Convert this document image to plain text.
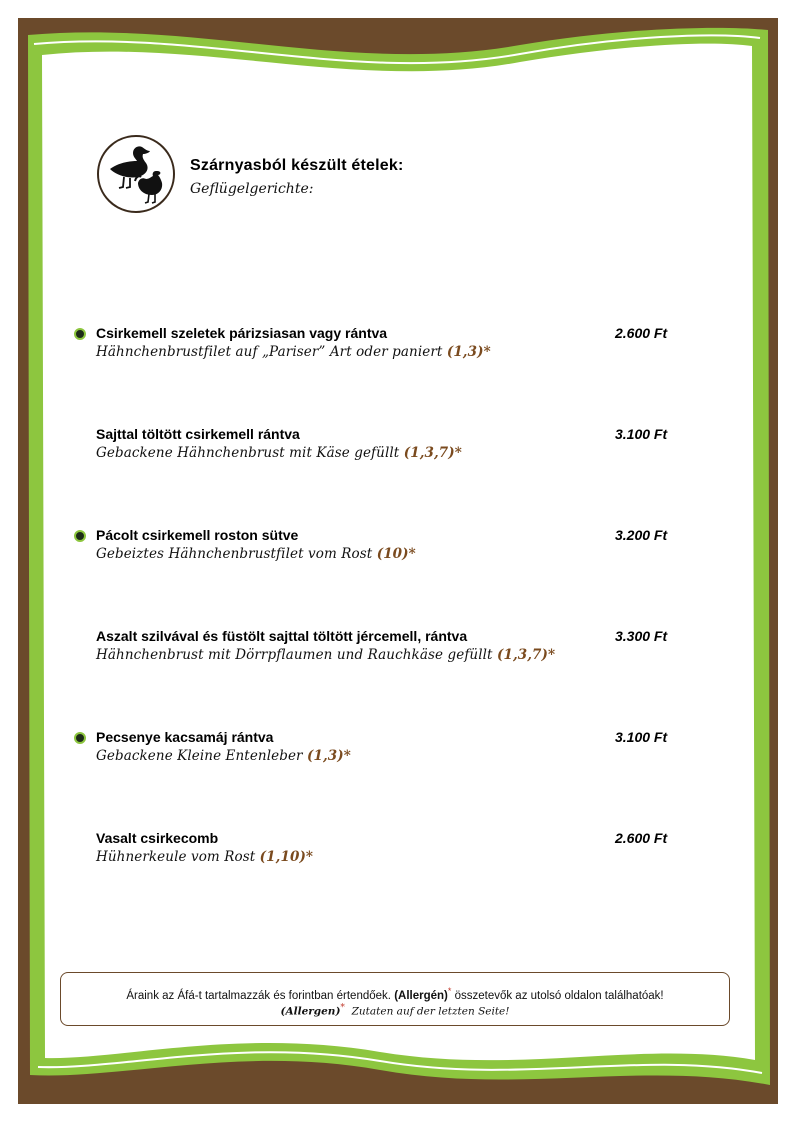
Szárnyasból készült ételek:
Geflügelgerichte:
Csirkemell szeletek párizsiasan vagy rántva	2.600 Ft
Hähnchenbrustfilet auf „Pariser” Art oder paniert (1,3)*
Sajttal töltött csirkemell rántva	3.100 Ft
Gebackene Hähnchenbrust mit Käse gefüllt (1,3,7)*
Pácolt csirkemell roston sütve	3.200 Ft
Gebeiztes Hähnchenbrustfilet vom Rost (10)*
Aszalt szilvával és füstölt sajttal töltött jércemell, rántva	3.300 Ft
Hähnchenbrust mit Dörrpflaumen und Rauchkäse gefüllt (1,3,7)*
Pecsenye kacsamáj rántva	3.100 Ft
Gebackene Kleine Entenleber (1,3)*
Vasalt csirkecomb	2.600 Ft
Hühnerkeule vom Rost (1,10)*
Áraink az Áfá-t tartalmazzák és forintban értendőek. (Allergén)* összetevők az utolsó oldalon találhatóak!
(Allergen)* Zutaten auf der letzten Seite!
